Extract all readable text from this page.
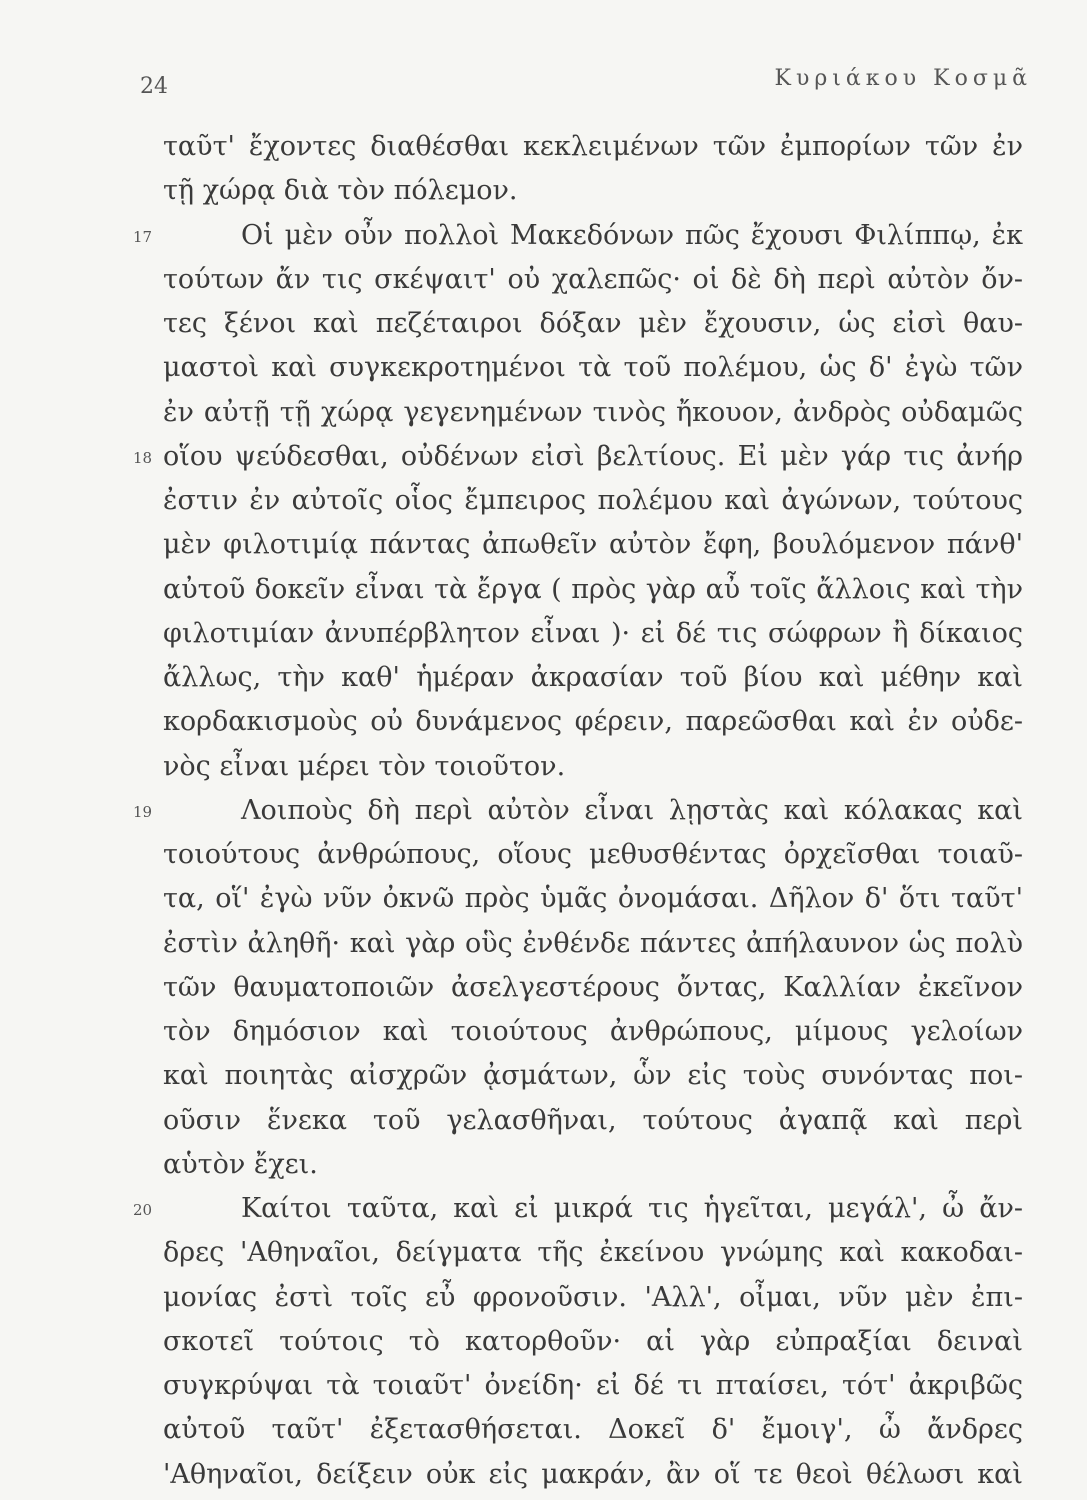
24	Κυριάκου Κοσμᾶ
ταῦτ' ἔχοντες διαθέσθαι κεκλειμένων τῶν ἐμπορίων τῶν ἐν
τῇ χώρᾳ διὰ τὸν πόλεμον.
17	Οἱ μὲν οὖν πολλοὶ Μακεδόνων πῶς ἔχουσι Φιλίππῳ, ἐκ
τούτων ἄν τις σκέψαιτ' οὐ χαλεπῶς· οἱ δὲ δὴ περὶ αὐτὸν ὄν-
τες ξένοι καὶ πεζέταιροι δόξαν μὲν ἔχουσιν, ὡς εἰσὶ θαυ-
μαστοὶ καὶ συγκεκροτημένοι τὰ τοῦ πολέμου, ὡς δ' ἐγὼ τῶν
ἐν αὐτῇ τῇ χώρᾳ γεγενημένων τινὸς ἤκουον, ἀνδρὸς οὐδαμῶς
18 οἵου ψεύδεσθαι, οὐδένων εἰσὶ βελτίους. Εἰ μὲν γάρ τις ἀνήρ
ἐστιν ἐν αὐτοῖς οἷος ἔμπειρος πολέμου καὶ ἀγώνων, τούτους
μὲν φιλοτιμίᾳ πάντας ἀπωθεῖν αὐτὸν ἔφη, βουλόμενον πάνθ'
αὐτοῦ δοκεῖν εἶναι τὰ ἔργα ( πρὸς γὰρ αὖ τοῖς ἄλλοις καὶ τὴν
φιλοτιμίαν ἀνυπέρβλητον εἶναι )· εἰ δέ τις σώφρων ἢ δίκαιος
ἄλλως, τὴν καθ' ἡμέραν ἀκρασίαν τοῦ βίου καὶ μέθην καὶ
κορδακισμοὺς οὐ δυνάμενος φέρειν, παρεῶσθαι καὶ ἐν οὐδε-
νὸς εἶναι μέρει τὸν τοιοῦτον.
19	Λοιποὺς δὴ περὶ αὐτὸν εἶναι λῃστὰς καὶ κόλακας καὶ
τοιούτους ἀνθρώπους, οἵους μεθυσθέντας ὀρχεῖσθαι τοιαῦ-
τα, οἵ' ἐγὼ νῦν ὀκνῶ πρὸς ὑμᾶς ὀνομάσαι. Δῆλον δ' ὅτι ταῦτ'
ἐστὶν ἀληθῆ· καὶ γὰρ οὓς ἐνθένδε πάντες ἀπήλαυνον ὡς πολὺ
τῶν θαυματοποιῶν ἀσελγεστέρους ὄντας, Καλλίαν ἐκεῖνον
τὸν δημόσιον καὶ τοιούτους ἀνθρώπους, μίμους γελοίων
καὶ ποιητὰς αἰσχρῶν ᾀσμάτων, ὧν εἰς τοὺς συνόντας ποι-
οῦσιν ἕνεκα τοῦ γελασθῆναι, τούτους ἀγαπᾷ καὶ περὶ
αὑτὸν ἔχει.
20	Καίτοι ταῦτα, καὶ εἰ μικρά τις ἡγεῖται, μεγάλ', ὦ ἄν-
δρες 'Αθηναῖοι, δείγματα τῆς ἐκείνου γνώμης καὶ κακοδαι-
μονίας ἐστὶ τοῖς εὖ φρονοῦσιν. 'Αλλ', οἶμαι, νῦν μὲν ἐπι-
σκοτεῖ τούτοις τὸ κατορθοῦν· αἱ γὰρ εὐπραξίαι δειναὶ
συγκρύψαι τὰ τοιαῦτ' ὀνείδη· εἰ δέ τι πταίσει, τότ' ἀκριβῶς
αὐτοῦ ταῦτ' ἐξετασθήσεται. Δοκεῖ δ' ἔμοιγ', ὦ ἄνδρες
'Αθηναῖοι, δείξειν οὐκ εἰς μακράν, ἂν οἵ τε θεοὶ θέλωσι καὶ
